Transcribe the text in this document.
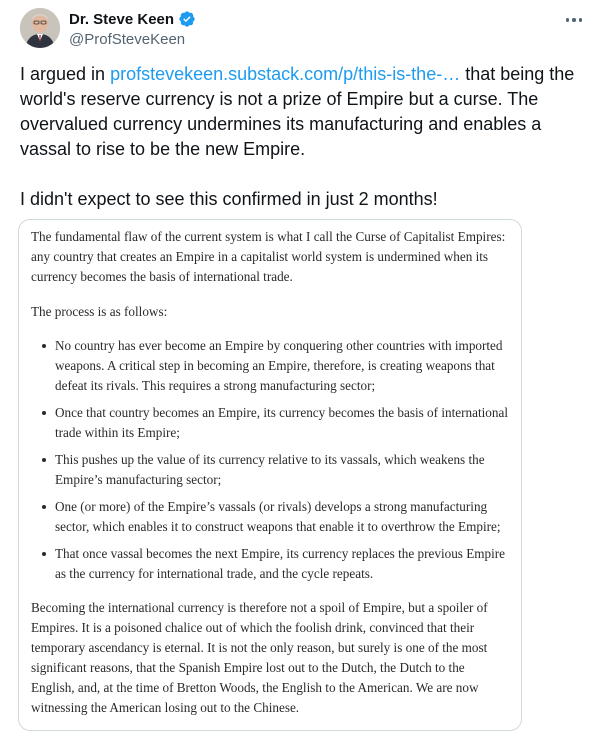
Dr. Steve Keen
@ProfSteveKeen

I argued in profstevekeen.substack.com/p/this-is-the-… that being the world's reserve currency is not a prize of Empire but a curse. The overvalued currency undermines its manufacturing and enables a vassal to rise to be the new Empire.

I didn't expect to see this confirmed in just 2 months!

The fundamental flaw of the current system is what I call the Curse of Capitalist Empires: any country that creates an Empire in a capitalist world system is undermined when its currency becomes the basis of international trade.

The process is as follows:

No country has ever become an Empire by conquering other countries with imported weapons. A critical step in becoming an Empire, therefore, is creating weapons that defeat its rivals. This requires a strong manufacturing sector;
Once that country becomes an Empire, its currency becomes the basis of international trade within its Empire;
This pushes up the value of its currency relative to its vassals, which weakens the Empire’s manufacturing sector;
One (or more) of the Empire’s vassals (or rivals) develops a strong manufacturing sector, which enables it to construct weapons that enable it to overthrow the Empire;
That once vassal becomes the next Empire, its currency replaces the previous Empire as the currency for international trade, and the cycle repeats.

Becoming the international currency is therefore not a spoil of Empire, but a spoiler of Empires. It is a poisoned chalice out of which the foolish drink, convinced that their temporary ascendancy is eternal. It is not the only reason, but surely is one of the most significant reasons, that the Spanish Empire lost out to the Dutch, the Dutch to the English, and, at the time of Bretton Woods, the English to the American. We are now witnessing the American losing out to the Chinese.
